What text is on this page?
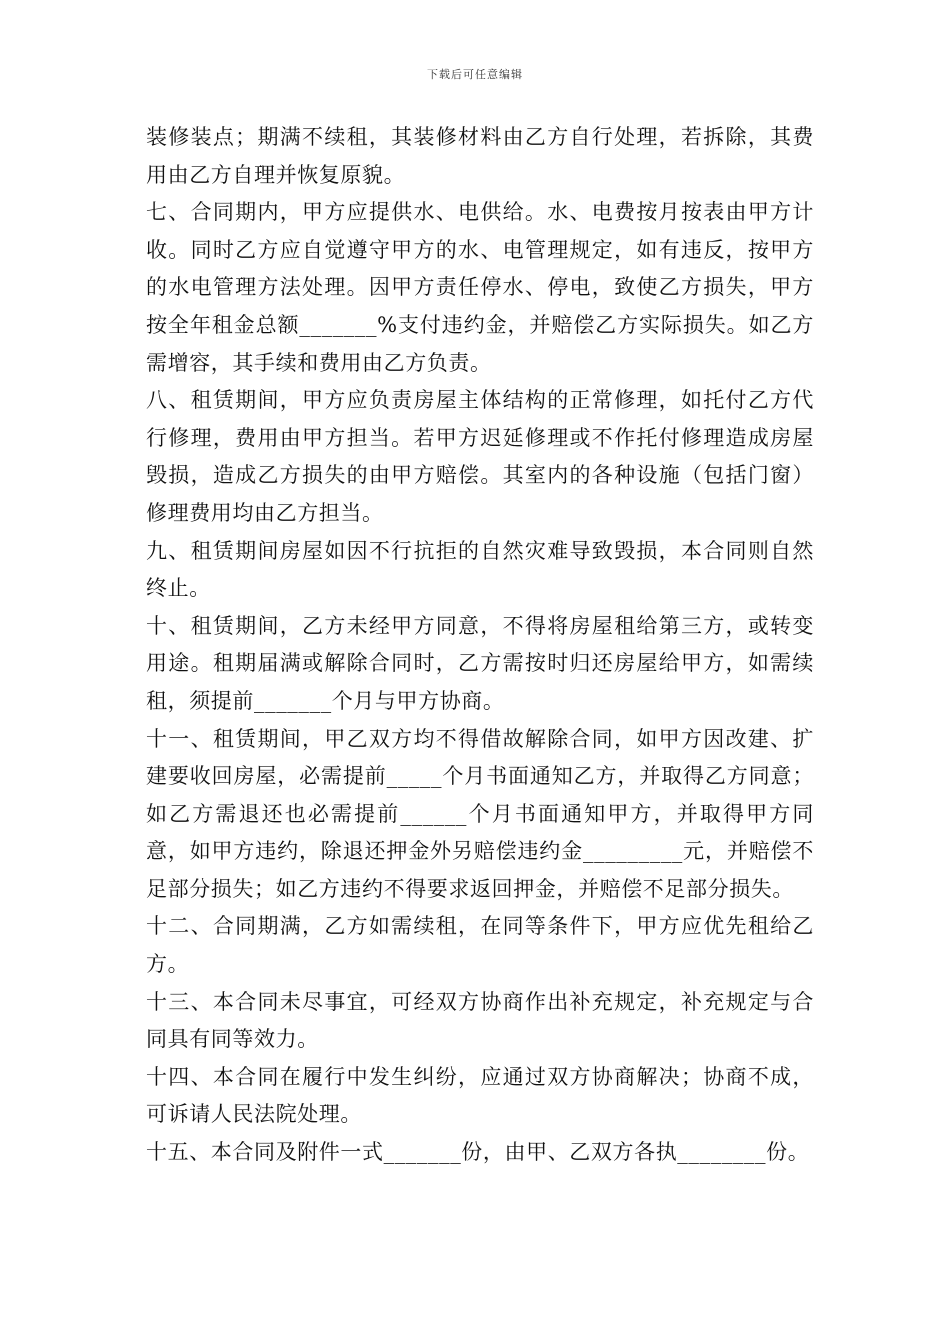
下载后可任意编辑

装修装点；期满不续租，其装修材料由乙方自行处理，若拆除，其费用由乙方自理并恢复原貌。

七、合同期内，甲方应提供水、电供给。水、电费按月按表由甲方计收。同时乙方应自觉遵守甲方的水、电管理规定，如有违反，按甲方的水电管理方法处理。因甲方责任停水、停电，致使乙方损失，甲方按全年租金总额_______%支付违约金，并赔偿乙方实际损失。如乙方需增容，其手续和费用由乙方负责。

八、租赁期间，甲方应负责房屋主体结构的正常修理，如托付乙方代行修理，费用由甲方担当。若甲方迟延修理或不作托付修理造成房屋毁损，造成乙方损失的由甲方赔偿。其室内的各种设施（包括门窗）修理费用均由乙方担当。

九、租赁期间房屋如因不行抗拒的自然灾难导致毁损，本合同则自然终止。

十、租赁期间，乙方未经甲方同意，不得将房屋租给第三方，或转变用途。租期届满或解除合同时，乙方需按时归还房屋给甲方，如需续租，须提前_______个月与甲方协商。

十一、租赁期间，甲乙双方均不得借故解除合同，如甲方因改建、扩建要收回房屋，必需提前_____个月书面通知乙方，并取得乙方同意；如乙方需退还也必需提前______个月书面通知甲方，并取得甲方同意，如甲方违约，除退还押金外另赔偿违约金_________元，并赔偿不足部分损失；如乙方违约不得要求返回押金，并赔偿不足部分损失。

十二、合同期满，乙方如需续租，在同等条件下，甲方应优先租给乙方。

十三、本合同未尽事宜，可经双方协商作出补充规定，补充规定与合同具有同等效力。

十四、本合同在履行中发生纠纷，应通过双方协商解决；协商不成，可诉请人民法院处理。

十五、本合同及附件一式_______份，由甲、乙双方各执________份。
